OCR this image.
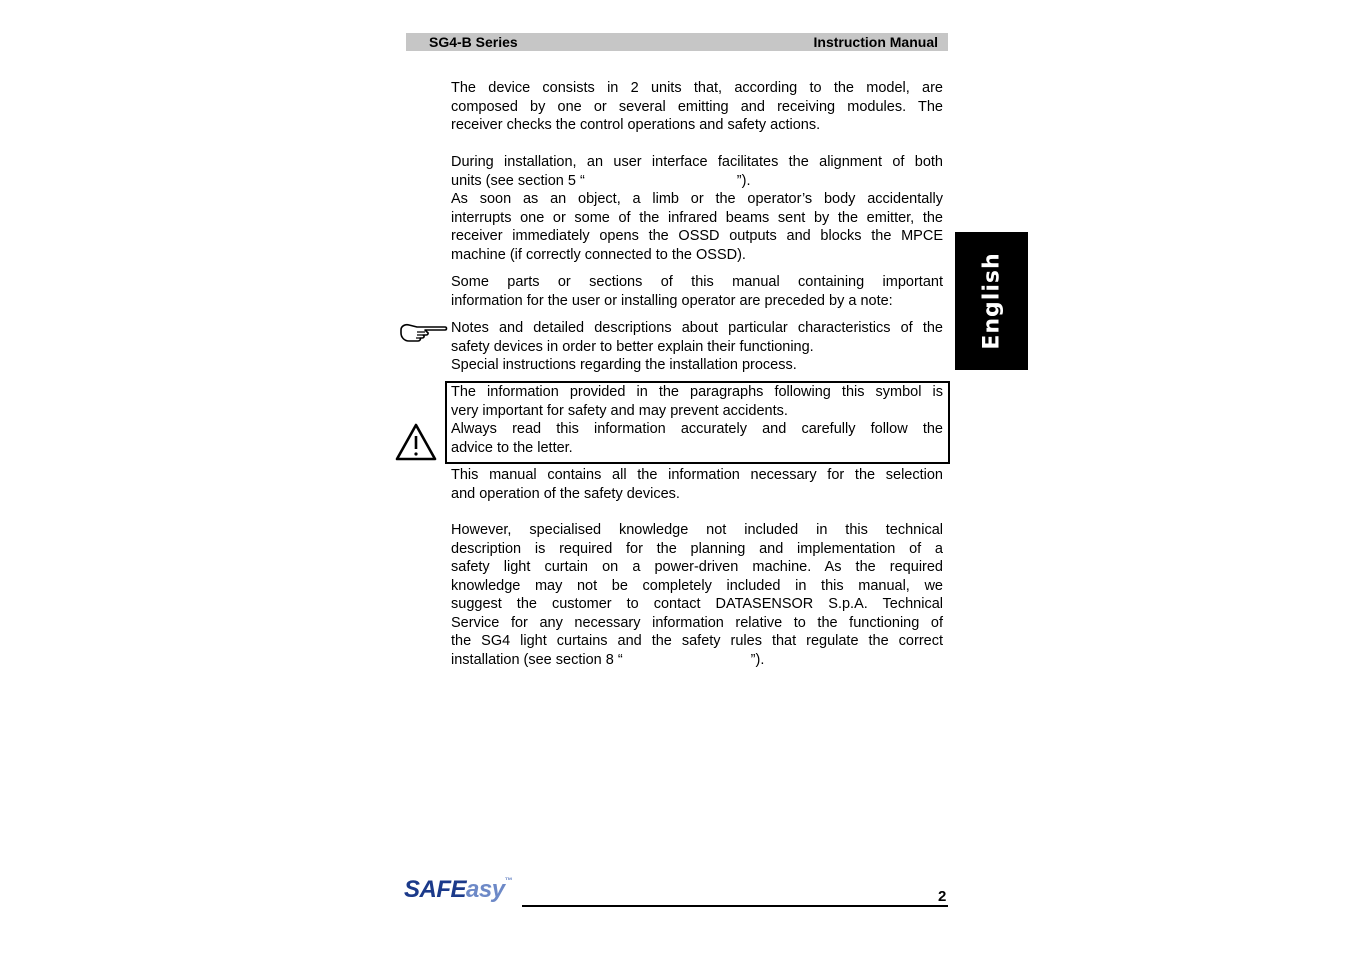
SG4-B Series	Instruction Manual
English
The device consists in 2 units that, according to the model, are
composed by one or several emitting and receiving modules. The
receiver checks the control operations and safety actions.
During installation, an user interface facilitates the alignment of both
units (see section 5 “	”).
As soon as an object, a limb or the operator’s body accidentally
interrupts one or some of the infrared beams sent by the emitter, the
receiver immediately opens the OSSD outputs and blocks the MPCE
machine (if correctly connected to the OSSD).
Some parts or sections of this manual containing important
information for the user or installing operator are preceded by a note:
Notes and detailed descriptions about particular characteristics of the
safety devices in order to better explain their functioning.
Special instructions regarding the installation process.
The information provided in the paragraphs following this symbol is
very important for safety and may prevent accidents.
Always read this information accurately and carefully follow the
advice to the letter.
This manual contains all the information necessary for the selection
and operation of the safety devices.
However, specialised knowledge not included in this technical
description is required for the planning and implementation of a
safety light curtain on a power-driven machine. As the required
knowledge may not be completely included in this manual, we
suggest the customer to contact DATASENSOR S.p.A. Technical
Service for any necessary information relative to the functioning of
the SG4 light curtains and the safety rules that regulate the correct
installation (see section 8 “	”).
SAFEasy™
2
